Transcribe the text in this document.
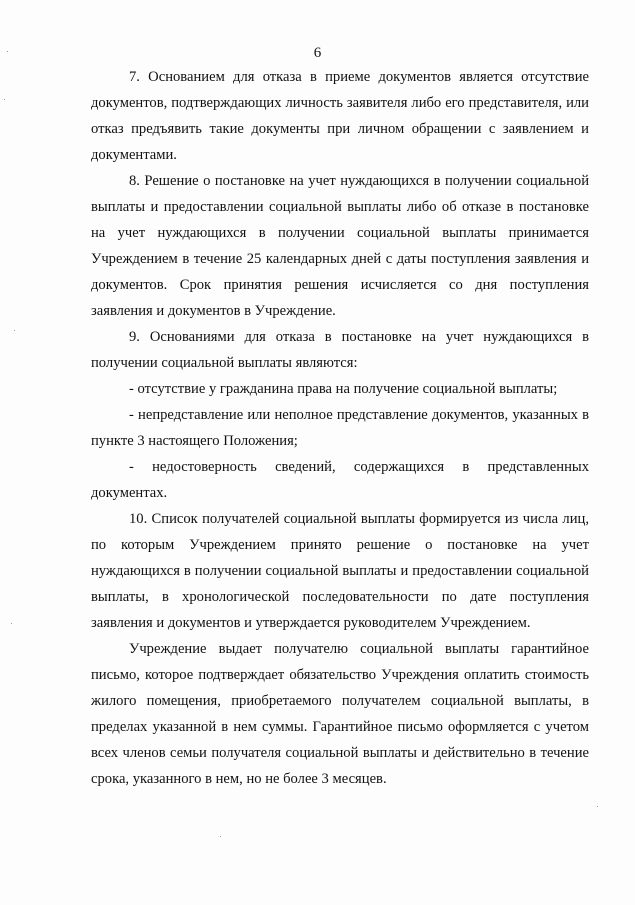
6

7. Основанием для отказа в приеме документов является отсутствие документов, подтверждающих личность заявителя либо его представителя, или отказ предъявить такие документы при личном обращении с заявлением и документами.

8. Решение о постановке на учет нуждающихся в получении социальной выплаты и предоставлении социальной выплаты либо об отказе в постановке на учет нуждающихся в получении социальной выплаты принимается Учреждением в течение 25 календарных дней с даты поступления заявления и документов. Срок принятия решения исчисляется со дня поступления заявления и документов в Учреждение.

9. Основаниями для отказа в постановке на учет нуждающихся в получении социальной выплаты являются:

- отсутствие у гражданина права на получение социальной выплаты;

- непредставление или неполное представление документов, указанных в пункте 3 настоящего Положения;

- недостоверность сведений, содержащихся в представленных документах.

10. Список получателей социальной выплаты формируется из числа лиц, по которым Учреждением принято решение о постановке на учет нуждающихся в получении социальной выплаты и предоставлении социальной выплаты, в хронологической последовательности по дате поступления заявления и документов и утверждается руководителем Учреждением.

Учреждение выдает получателю социальной выплаты гарантийное письмо, которое подтверждает обязательство Учреждения оплатить стоимость жилого помещения, приобретаемого получателем социальной выплаты, в пределах указанной в нем суммы. Гарантийное письмо оформляется с учетом всех членов семьи получателя социальной выплаты и действительно в течение срока, указанного в нем, но не более 3 месяцев.
